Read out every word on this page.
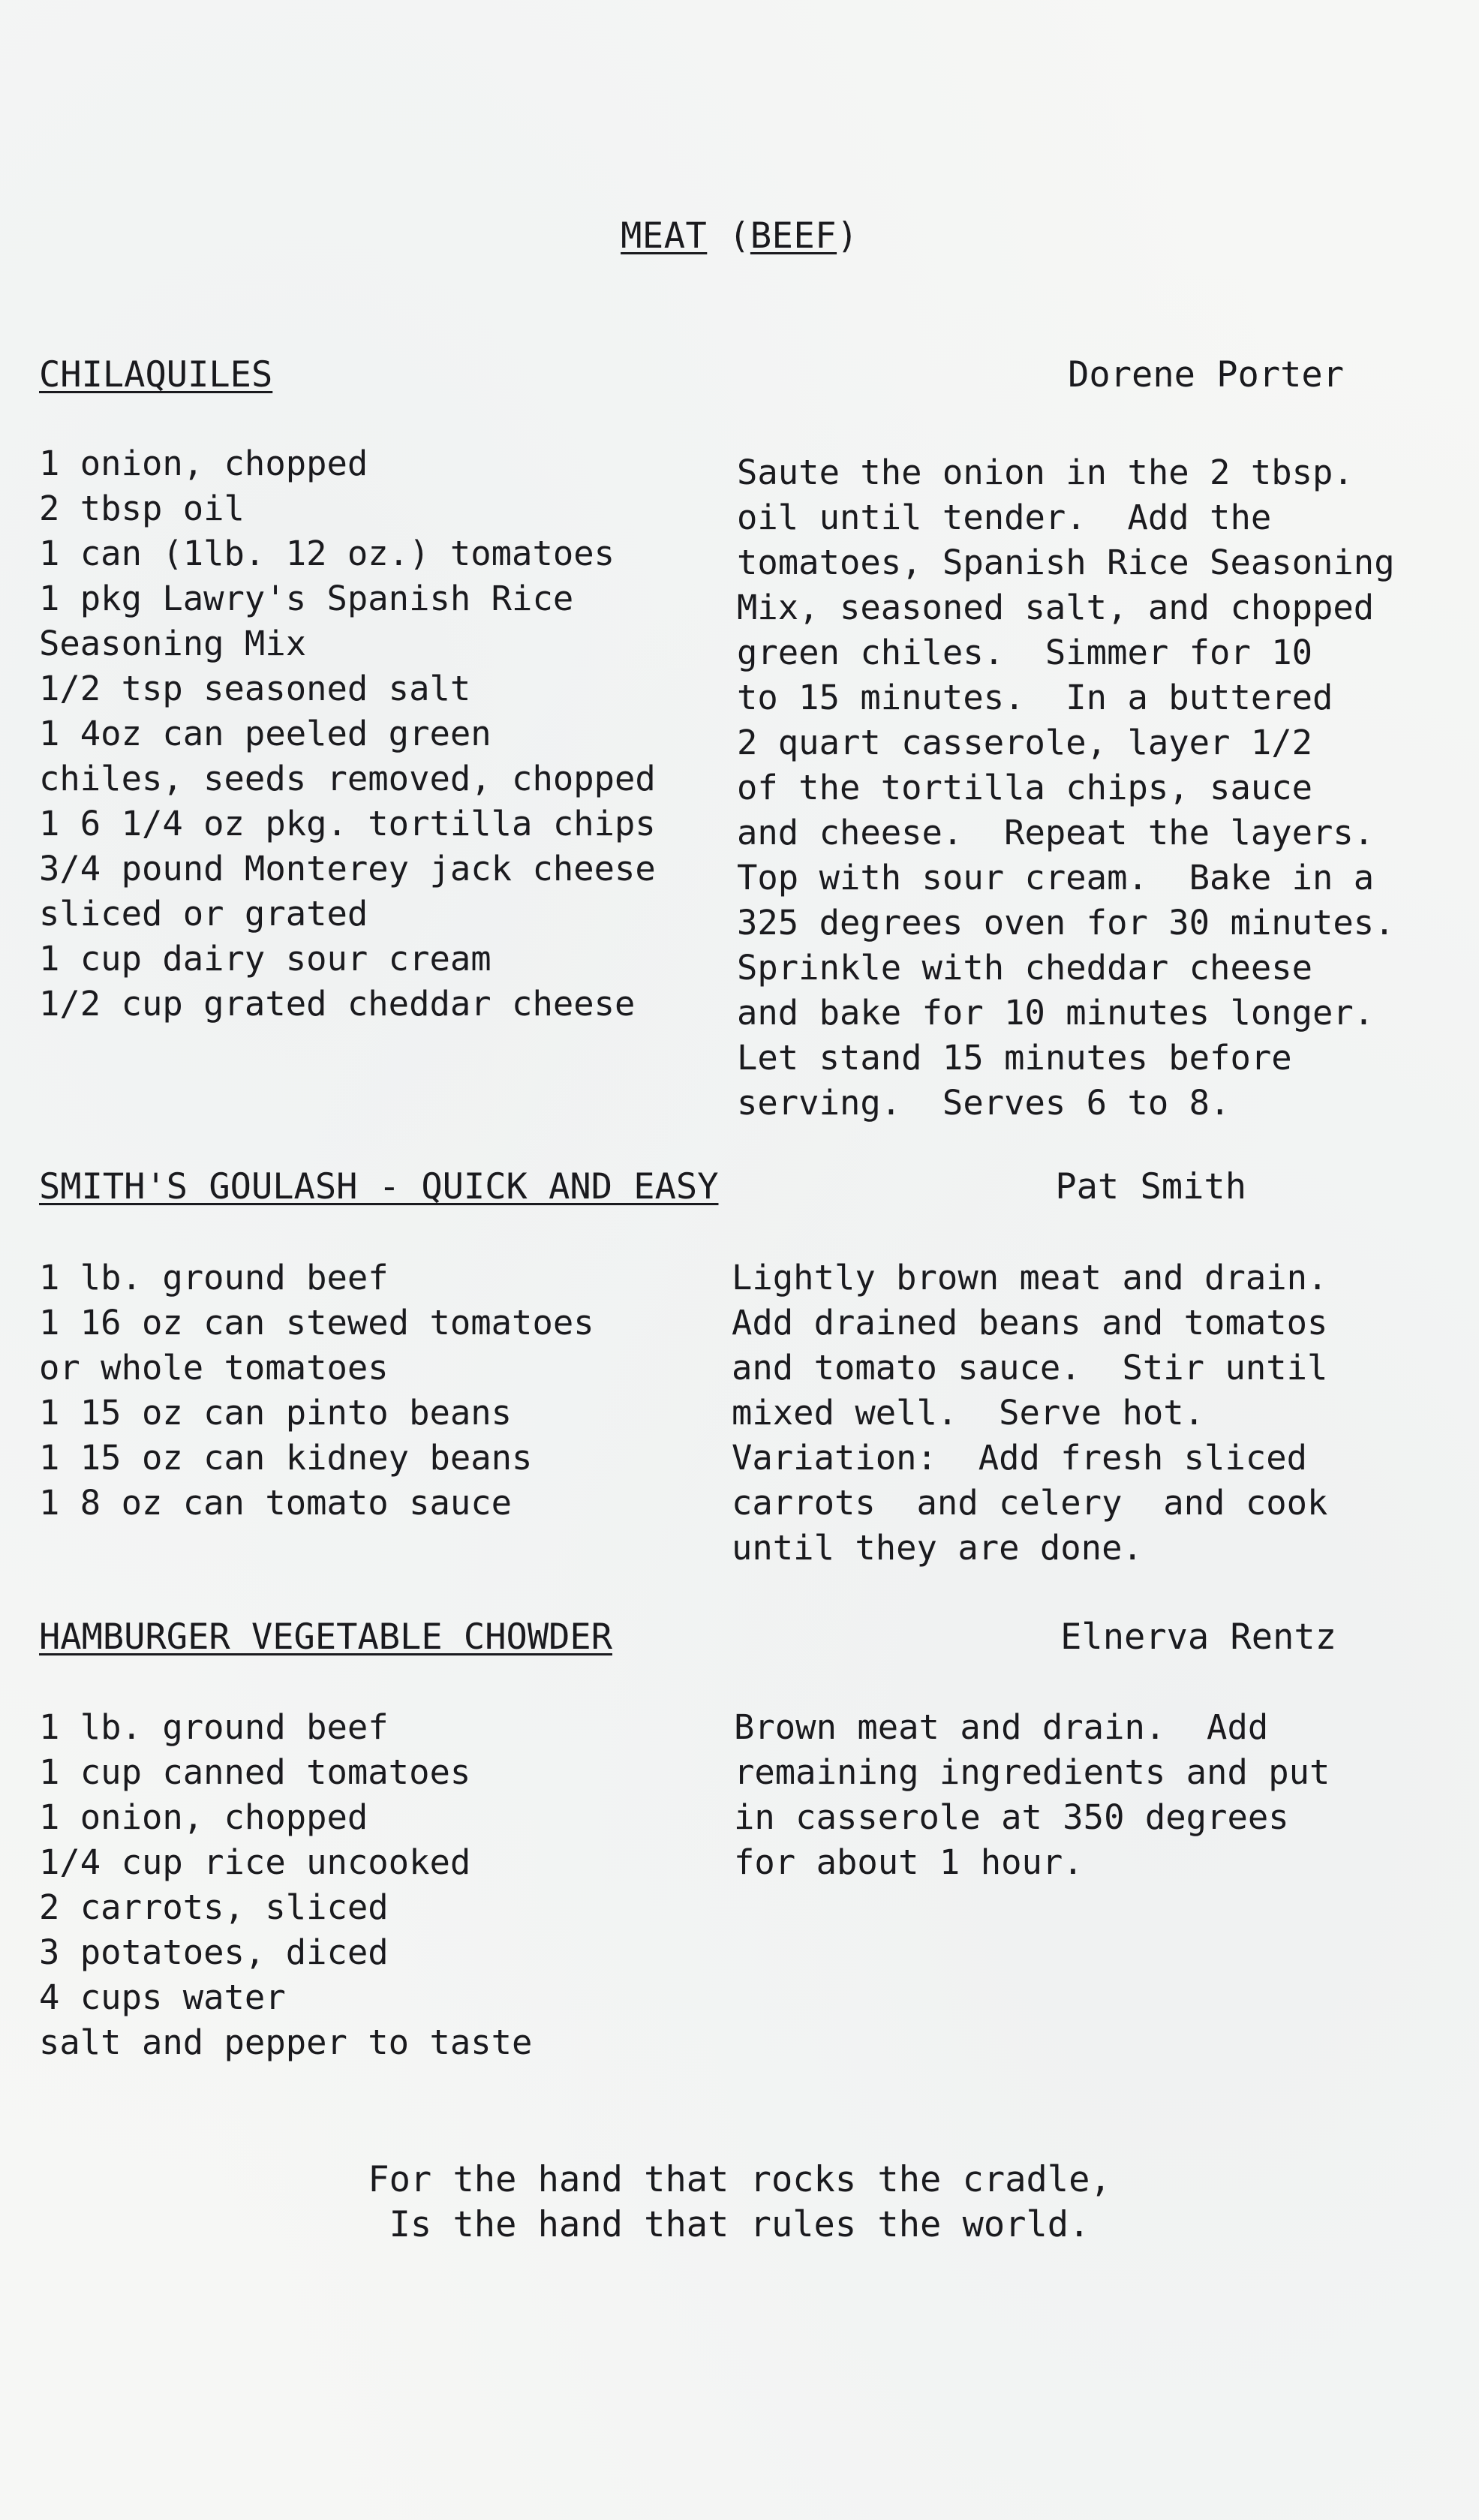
MEAT (BEEF)
CHILAQUILES	Dorene Porter
1 onion, chopped
2 tbsp oil
1 can (1lb. 12 oz.) tomatoes
1 pkg Lawry's Spanish Rice
Seasoning Mix
1/2 tsp seasoned salt
1 4oz can peeled green
chiles, seeds removed, chopped
1 6 1/4 oz pkg. tortilla chips
3/4 pound Monterey jack cheese
sliced or grated
1 cup dairy sour cream
1/2 cup grated cheddar cheese
Saute the onion in the 2 tbsp.
oil until tender.  Add the
tomatoes, Spanish Rice Seasoning
Mix, seasoned salt, and chopped
green chiles.  Simmer for 10
to 15 minutes.  In a buttered
2 quart casserole, layer 1/2
of the tortilla chips, sauce
and cheese.  Repeat the layers.
Top with sour cream.  Bake in a
325 degrees oven for 30 minutes.
Sprinkle with cheddar cheese
and bake for 10 minutes longer.
Let stand 15 minutes before
serving.  Serves 6 to 8.
SMITH'S GOULASH - QUICK AND EASY	Pat Smith
1 lb. ground beef
1 16 oz can stewed tomatoes
or whole tomatoes
1 15 oz can pinto beans
1 15 oz can kidney beans
1 8 oz can tomato sauce
Lightly brown meat and drain.
Add drained beans and tomatos
and tomato sauce.  Stir until
mixed well.  Serve hot.
Variation:  Add fresh sliced
carrots  and celery  and cook
until they are done.
HAMBURGER VEGETABLE CHOWDER	Elnerva Rentz
1 lb. ground beef
1 cup canned tomatoes
1 onion, chopped
1/4 cup rice uncooked
2 carrots, sliced
3 potatoes, diced
4 cups water
salt and pepper to taste
Brown meat and drain.  Add
remaining ingredients and put
in casserole at 350 degrees
for about 1 hour.
For the hand that rocks the cradle,
Is the hand that rules the world.
